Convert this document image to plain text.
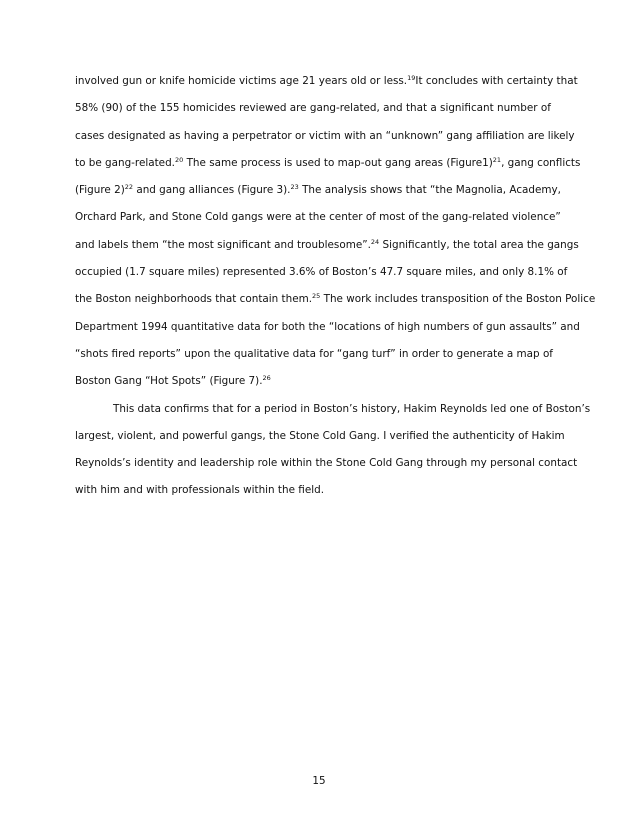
involved gun or knife homicide victims age 21 years old or less.$^{19}$It concludes with certainty that
58% (90) of the 155 homicides reviewed are gang-related, and that a significant number of
cases designated as having a perpetrator or victim with an “unknown” gang affiliation are likely
to be gang-related.$^{20}$ The same process is used to map-out gang areas (Figure1)$^{21}$, gang conflicts
(Figure 2)$^{22}$ and gang alliances (Figure 3).$^{23}$ The analysis shows that “the Magnolia, Academy,
Orchard Park, and Stone Cold gangs were at the center of most of the gang-related violence”
and labels them “the most significant and troublesome”.$^{24}$ Significantly, the total area the gangs
occupied (1.7 square miles) represented 3.6% of Boston’s 47.7 square miles, and only 8.1% of
the Boston neighborhoods that contain them.$^{25}$ The work includes transposition of the Boston Police
Department 1994 quantitative data for both the “locations of high numbers of gun assaults” and
“shots fired reports” upon the qualitative data for “gang turf” in order to generate a map of
Boston Gang “Hot Spots” (Figure 7).$^{26}$
This data confirms that for a period in Boston’s history, Hakim Reynolds led one of Boston’s
largest, violent, and powerful gangs, the Stone Cold Gang. I verified the authenticity of Hakim
Reynolds’s identity and leadership role within the Stone Cold Gang through my personal contact
with him and with professionals within the field.
15
